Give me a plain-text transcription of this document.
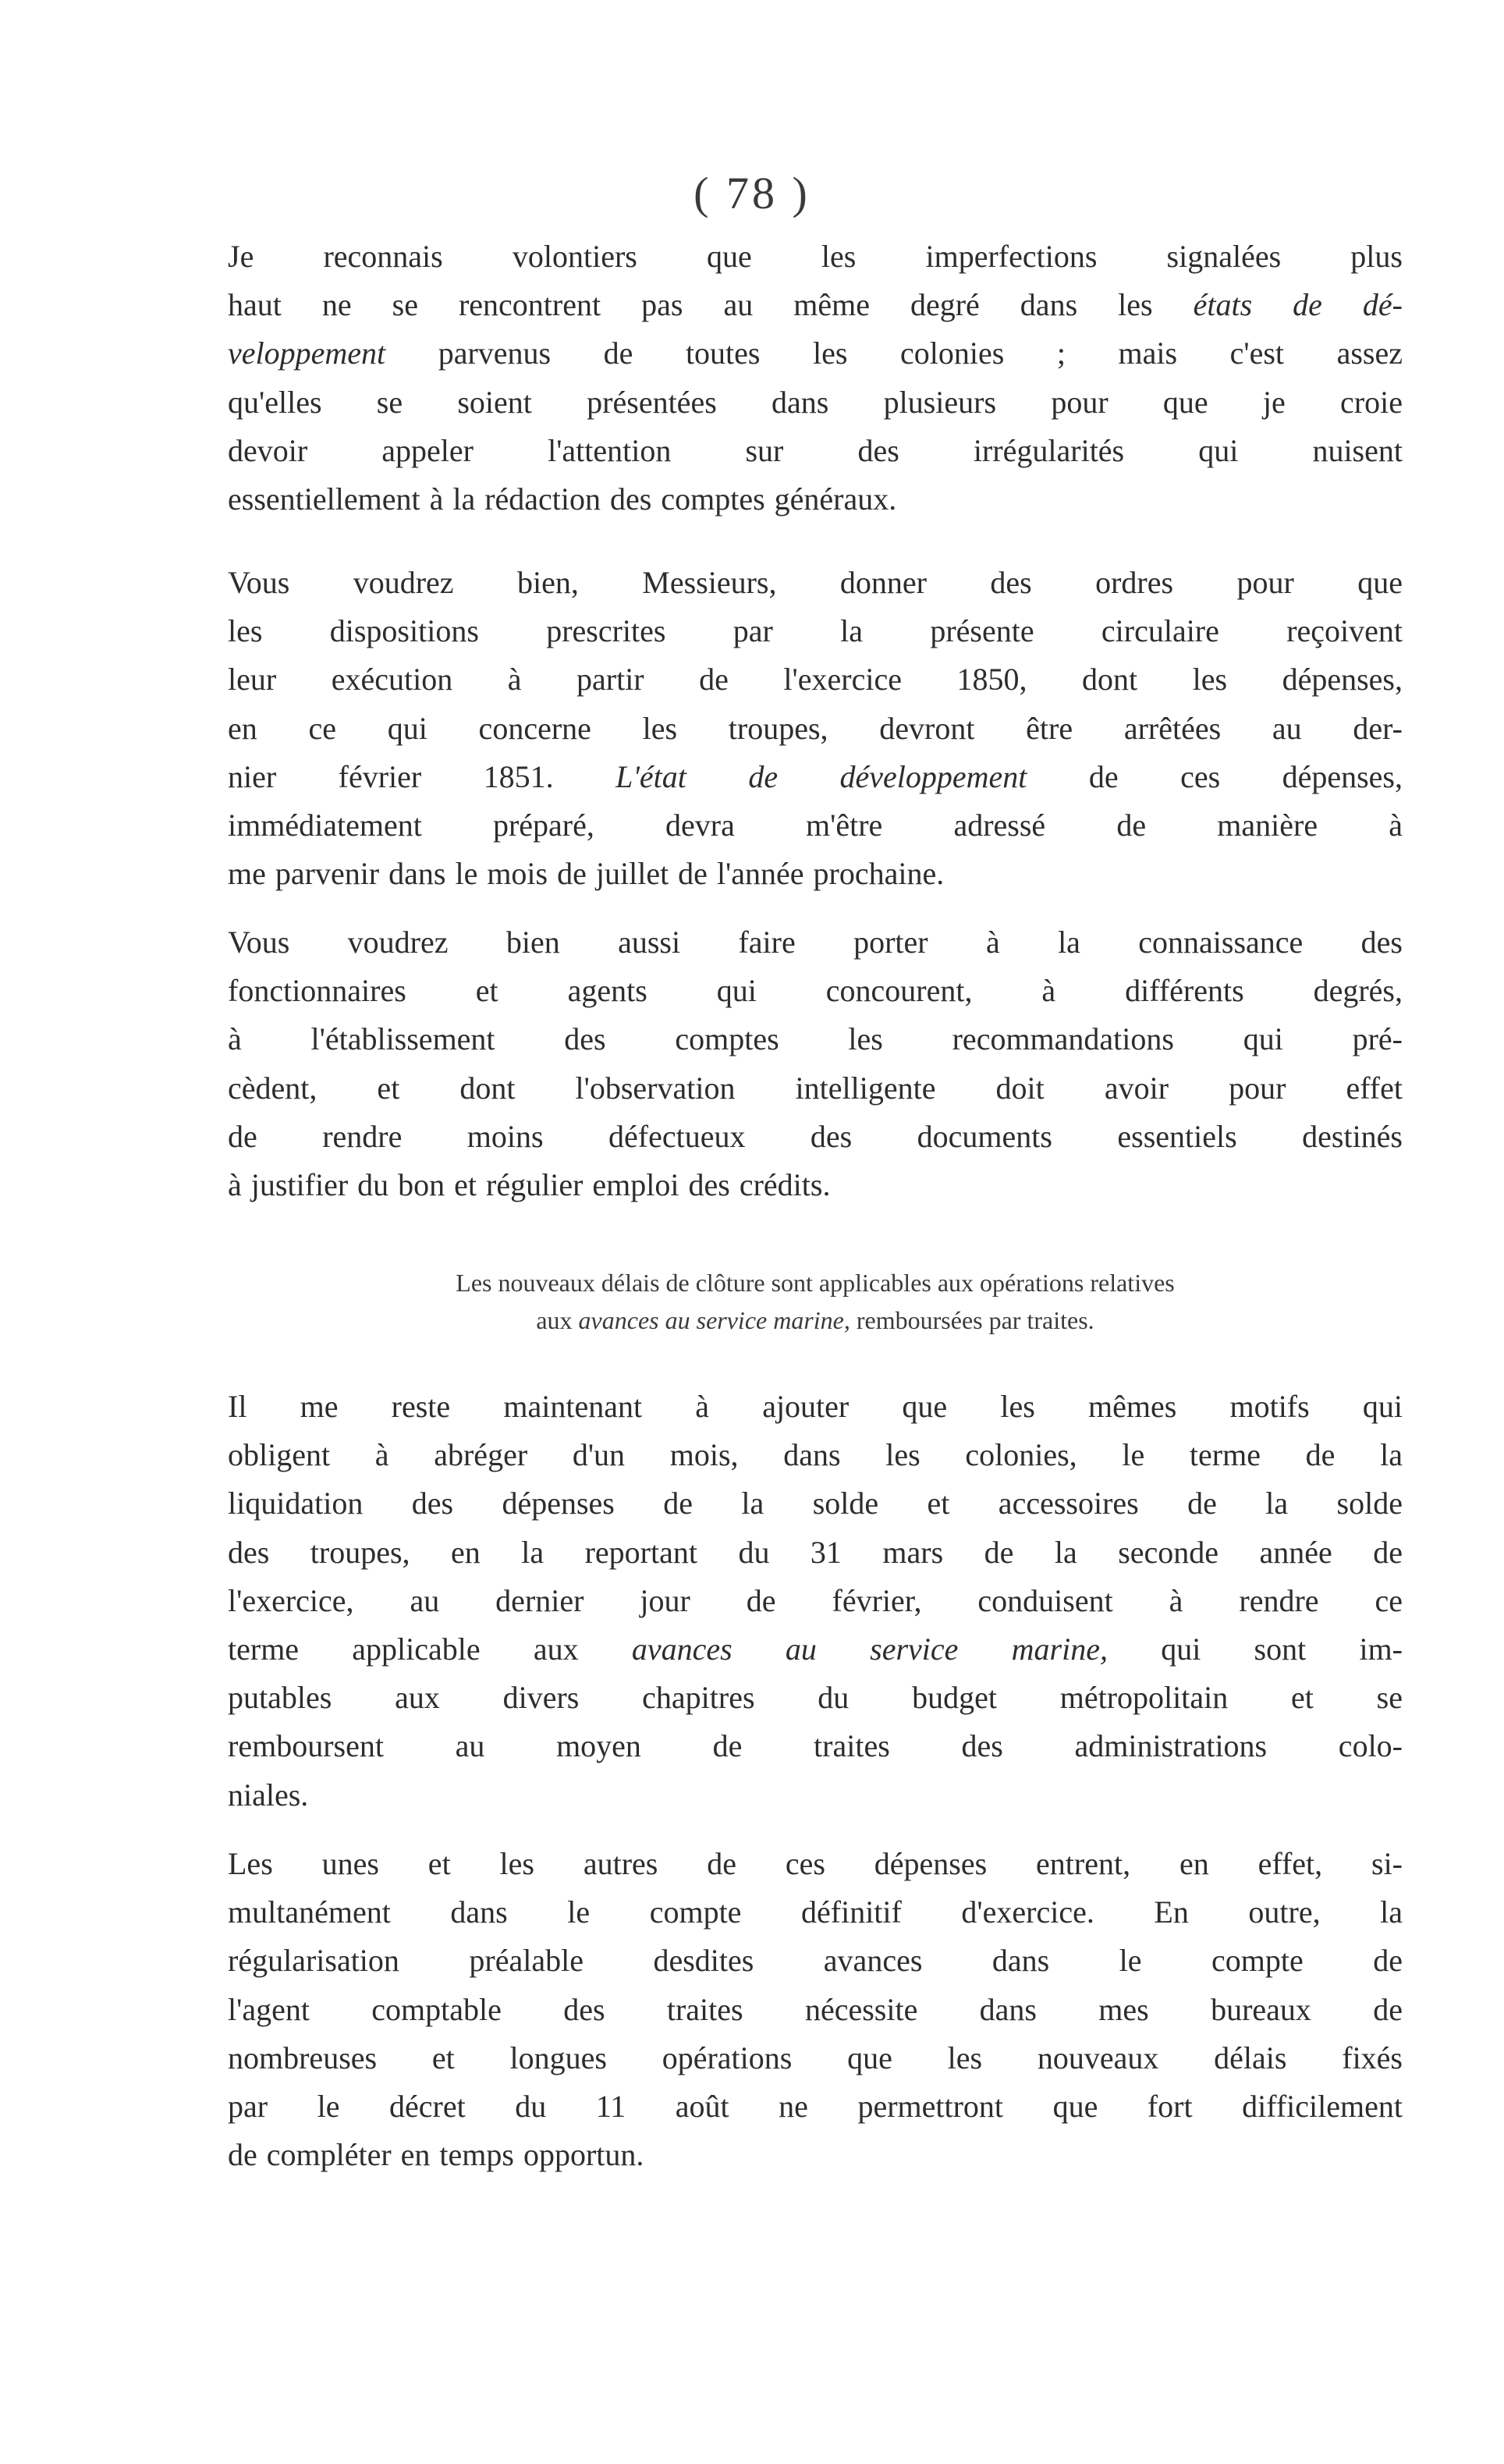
( 78 )

Je reconnais volontiers que les imperfections signalées plus
haut ne se rencontrent pas au même degré dans les états de dé-
veloppement parvenus de toutes les colonies ; mais c'est assez
qu'elles se soient présentées dans plusieurs pour que je croie
devoir appeler l'attention sur des irrégularités qui nuisent
essentiellement à la rédaction des comptes généraux.

Vous voudrez bien, Messieurs, donner des ordres pour que
les dispositions prescrites par la présente circulaire reçoivent
leur exécution à partir de l'exercice 1850, dont les dépenses,
en ce qui concerne les troupes, devront être arrêtées au der-
nier février 1851. L'état de développement de ces dépenses,
immédiatement préparé, devra m'être adressé de manière à
me parvenir dans le mois de juillet de l'année prochaine.

Vous voudrez bien aussi faire porter à la connaissance des
fonctionnaires et agents qui concourent, à différents degrés,
à l'établissement des comptes les recommandations qui pré-
cèdent, et dont l'observation intelligente doit avoir pour effet
de rendre moins défectueux des documents essentiels destinés
à justifier du bon et régulier emploi des crédits.

Les nouveaux délais de clôture sont applicables aux opérations relatives
aux avances au service marine, remboursées par traites.

Il me reste maintenant à ajouter que les mêmes motifs qui
obligent à abréger d'un mois, dans les colonies, le terme de la
liquidation des dépenses de la solde et accessoires de la solde
des troupes, en la reportant du 31 mars de la seconde année de
l'exercice, au dernier jour de février, conduisent à rendre ce
terme applicable aux avances au service marine, qui sont im-
putables aux divers chapitres du budget métropolitain et se
remboursent au moyen de traites des administrations colo-
niales.

Les unes et les autres de ces dépenses entrent, en effet, si-
multanément dans le compte définitif d'exercice. En outre, la
régularisation préalable desdites avances dans le compte de
l'agent comptable des traites nécessite dans mes bureaux de
nombreuses et longues opérations que les nouveaux délais fixés
par le décret du 11 août ne permettront que fort difficilement
de compléter en temps opportun.
